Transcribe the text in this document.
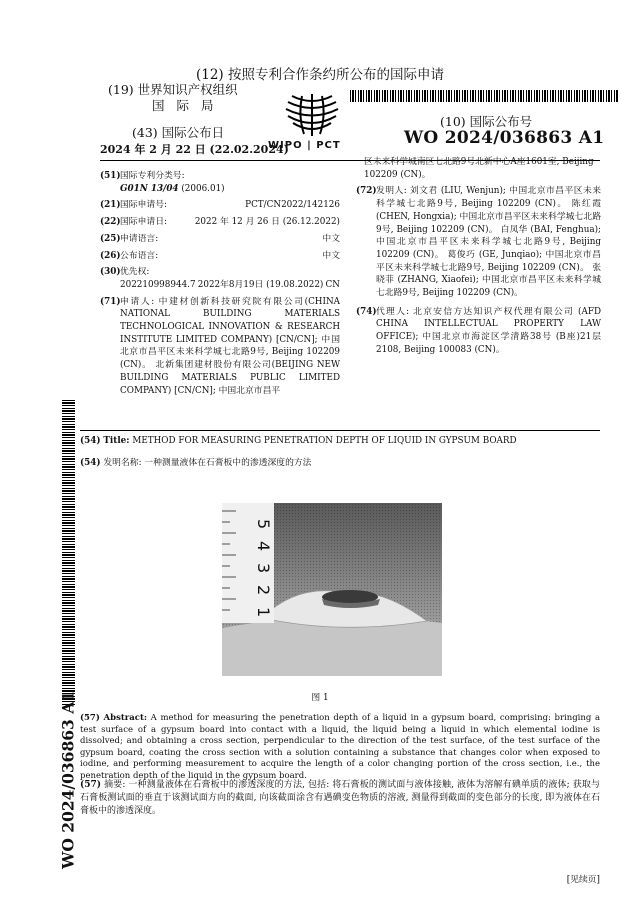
(12) 按照专利合作条约所公布的国际申请
(19) 世界知识产权组织
国 际 局
(43) 国际公布日
2024 年 2 月 22 日 (22.02.2024)
WIPO | PCT
(10) 国际公布号
WO 2024/036863 A1
(51) 国际专利分类号:
G01N 13/04 (2006.01)
(21) 国际申请号:	PCT/CN2022/142126
(22) 国际申请日:	2022 年 12 月 26 日 (26.12.2022)
(25) 申请语言:	中文
(26) 公布语言:	中文
(30) 优先权:
202210998944.7 2022年8月19日 (19.08.2022) CN
(71) 申请人: 中建材创新科技研究院有限公司(CHINA NATIONAL BUILDING MATERIALS TECHNOLOGICAL INNOVATION & RESEARCH INSTITUTE LIMITED COMPANY) [CN/CN]; 中国北京市昌平区未来科学城七北路9号, Beijing 102209 (CN)。 北新集团建材股份有限公司(BEIJING NEW BUILDING MATERIALS PUBLIC LIMITED COMPANY) [CN/CN]; 中国北京市昌平
区未来科学城南区七北路9号北新中心A座1601室, Beijing 102209 (CN)。
(72) 发明人: 刘文君 (LIU, Wenjun); 中国北京市昌平区未来科学城七北路9号, Beijing 102209 (CN)。 陈红霞 (CHEN, Hongxia); 中国北京市昌平区未来科学城七北路9号, Beijing 102209 (CN)。 白凤华 (BAI, Fenghua); 中国北京市昌平区未来科学城七北路9号, Beijing 102209 (CN)。 葛俊巧 (GE, Junqiao); 中国北京市昌平区未来科学城七北路9号, Beijing 102209 (CN)。 张晓菲 (ZHANG, Xiaofei); 中国北京市昌平区未来科学城七北路9号, Beijing 102209 (CN)。
(74) 代理人: 北京安信方达知识产权代理有限公司 (AFD CHINA INTELLECTUAL PROPERTY LAW OFFICE); 中国北京市海淀区学清路38号 (B座)21层2108, Beijing 100083 (CN)。
(54) Title: METHOD FOR MEASURING PENETRATION DEPTH OF LIQUID IN GYPSUM BOARD
(54) 发明名称: 一种测量液体在石膏板中的渗透深度的方法
5
4
3
2
1
图 1
(57) Abstract: A method for measuring the penetration depth of a liquid in a gypsum board, comprising: bringing a test surface of a gypsum board into contact with a liquid, the liquid being a liquid in which elemental iodine is dissolved; and obtaining a cross section, perpendicular to the direction of the test surface, of the test surface of the gypsum board, coating the cross section with a solution containing a substance that changes color when exposed to iodine, and performing measurement to acquire the length of a color changing portion of the cross section, i.e., the penetration depth of the liquid in the gypsum board.
(57) 摘要: 一种测量液体在石膏板中的渗透深度的方法, 包括: 将石膏板的测试面与液体接触, 液体为溶解有碘单质的液体; 获取与石膏板测试面的垂直于该测试面方向的截面, 向该截面涂含有遇碘变色物质的溶液, 测量得到截面的变色部分的长度, 即为液体在石膏板中的渗透深度。
WO 2024/036863 A1
[见续页]
